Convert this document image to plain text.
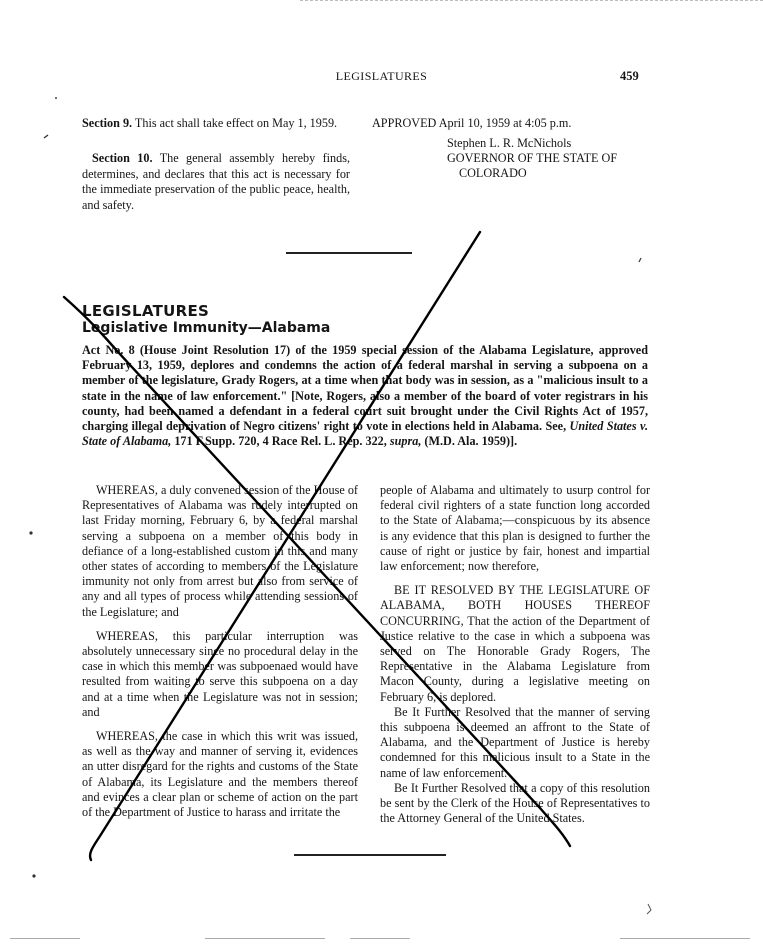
LEGISLATURES	459

Section 9. This act shall take effect on May 1, 1959.

Section 10. The general assembly hereby finds, determines, and declares that this act is necessary for the immediate preservation of the public peace, health, and safety.

APPROVED April 10, 1959 at 4:05 p.m.
Stephen L. R. McNichols
GOVERNOR OF THE STATE OF
COLORADO
LEGISLATURES
Legislative Immunity—Alabama

Act No. 8 (House Joint Resolution 17) of the 1959 special session of the Alabama Legislature, approved February 13, 1959, deplores and condemns the action of a federal marshal in serving a subpoena on a member of the legislature, Grady Rogers, at a time when that body was in session, as a "malicious insult to a state in the name of law enforcement." [Note, Rogers, also a member of the board of voter registrars in his county, had been named a defendant in a federal court suit brought under the Civil Rights Act of 1957, charging illegal deprivation of Negro citizens' right to vote in elections held in Alabama. See, United States v. State of Alabama, 171 F.Supp. 720, 4 Race Rel. L. Rep. 322, supra, (M.D. Ala. 1959)].

WHEREAS, a duly convened session of the House of Representatives of Alabama was rudely interrupted on last Friday morning, February 6, by a federal marshal serving a subpoena on a member of this body in defiance of a long-established custom in this and many other states of according to members of the Legislature immunity not only from arrest but also from service of any and all types of process while attending sessions of the Legislature; and

WHEREAS, this particular interruption was absolutely unnecessary since no procedural delay in the case in which this member was subpoenaed would have resulted from waiting to serve this subpoena on a day and at a time when the Legislature was not in session; and

WHEREAS, the case in which this writ was issued, as well as the way and manner of serving it, evidences an utter disregard for the rights and customs of the State of Alabama, its Legislature and the members thereof and evinces a clear plan or scheme of action on the part of the Department of Justice to harass and irritate the

people of Alabama and ultimately to usurp control for federal civil righters of a state function long accorded to the State of Alabama;—conspicuous by its absence is any evidence that this plan is designed to further the cause of right or justice by fair, honest and impartial law enforcement; now therefore,

BE IT RESOLVED BY THE LEGISLATURE OF ALABAMA, BOTH HOUSES THEREOF CONCURRING, That the action of the Department of Justice relative to the case in which a subpoena was served on The Honorable Grady Rogers, The Representative in the Alabama Legislature from Macon County, during a legislative meeting on February 6, is deplored.

Be It Further Resolved that the manner of serving this subpoena is deemed an affront to the State of Alabama, and the Department of Justice is hereby condemned for this malicious insult to a State in the name of law enforcement.

Be It Further Resolved that a copy of this resolution be sent by the Clerk of the House of Representatives to the Attorney General of the United States.
